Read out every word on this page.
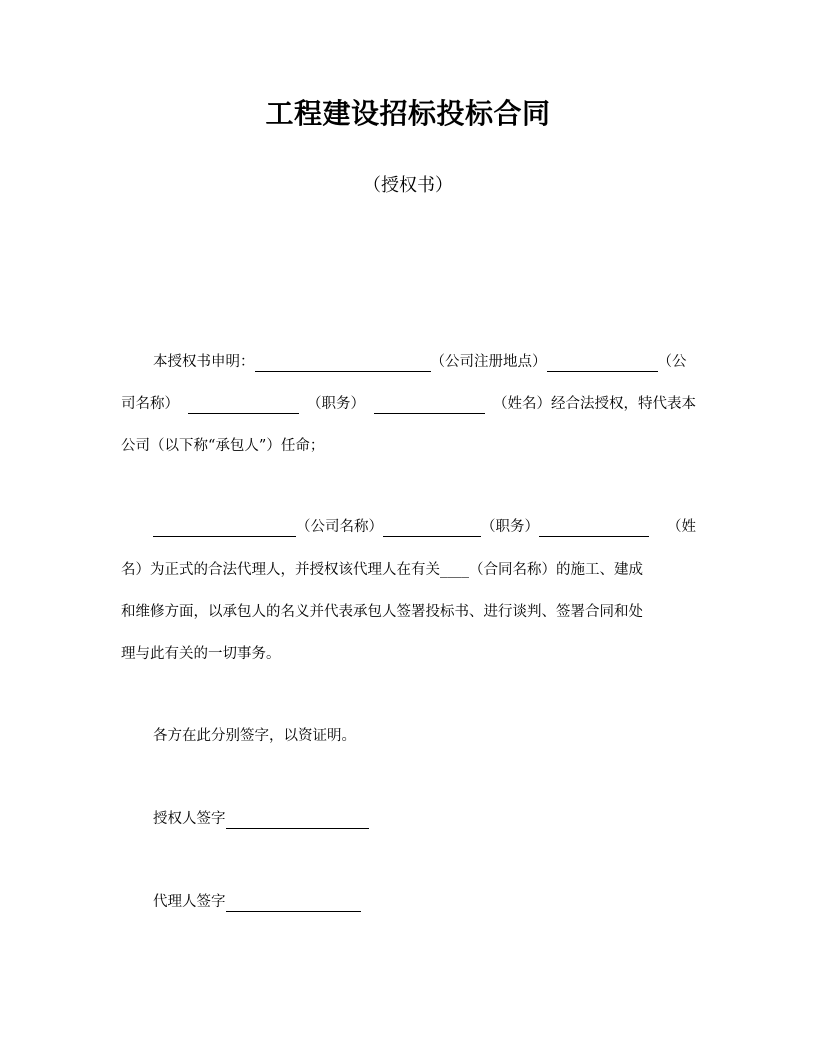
工程建设招标投标合同
（授权书）
本授权书申明：	（公司注册地点）	（公
司名称）	（职务）	（姓名）经合法授权，特代表本
公司（以下称“承包人”）任命；
（公司名称）	（职务）	（姓
名）为正式的合法代理人，并授权该代理人在有关____（合同名称）的施工、建成
和维修方面，以承包人的名义并代表承包人签署投标书、进行谈判、签署合同和处
理与此有关的一切事务。
各方在此分别签字，以资证明。
授权人签字
代理人签字
